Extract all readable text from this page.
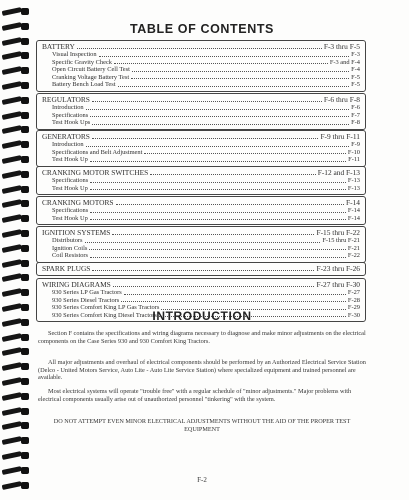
TABLE OF CONTENTS
BATTERY	F-3 thru F-5
Visual Inspection	F-3
Specific Gravity Check	F-3 and F-4
Open Circuit Battery Cell Test	F-4
Cranking Voltage Battery Test	F-5
Battery Bench Load Test	F-5
REGULATORS	F-6 thru F-8
Introduction	F-6
Specifications	F-7
Test Hook Ups	F-8
GENERATORS	F-9 thru F-11
Introduction	F-9
Specifications and Belt Adjustment	F-10
Test Hook Up	F-11
CRANKING MOTOR SWITCHES	F-12 and F-13
Specifications	F-13
Test Hook Up	F-13
CRANKING MOTORS	F-14
Specifications	F-14
Test Hook Up	F-14
IGNITION SYSTEMS	F-15 thru F-22
Distributors	F-15 thru F-21
Ignition Coils	F-21
Coil Resistors	F-22
SPARK PLUGS	F-23 thru F-26
WIRING DIAGRAMS	F-27 thru F-30
930 Series LP Gas Tractors	F-27
930 Series Diesel Tractors	F-28
930 Series Comfort King LP Gas Tractors	F-29
930 Series Comfort King Diesel Tractors	F-30
INTRODUCTION

Section F contains the specifications and wiring diagrams necessary to diagnose and make minor adjustments on the electrical components on the Case Series 930 and 930 Comfort King Tractors.

All major adjustments and overhaul of electrical components should be performed by an Authorized Electrical Service Station (Delco - United Motors Service, Auto Lite - Auto Lite Service Station) where specialized equipment and trained personnel are available.

Most electrical systems will operate "trouble free" with a regular schedule of "minor adjustments." Major problems with electrical components usually arise out of unauthorized personnel "tinkering" with the system.

DO NOT ATTEMPT EVEN MINOR ELECTRICAL ADJUSTMENTS WITHOUT THE AID OF THE PROPER TEST EQUIPMENT

F-2
